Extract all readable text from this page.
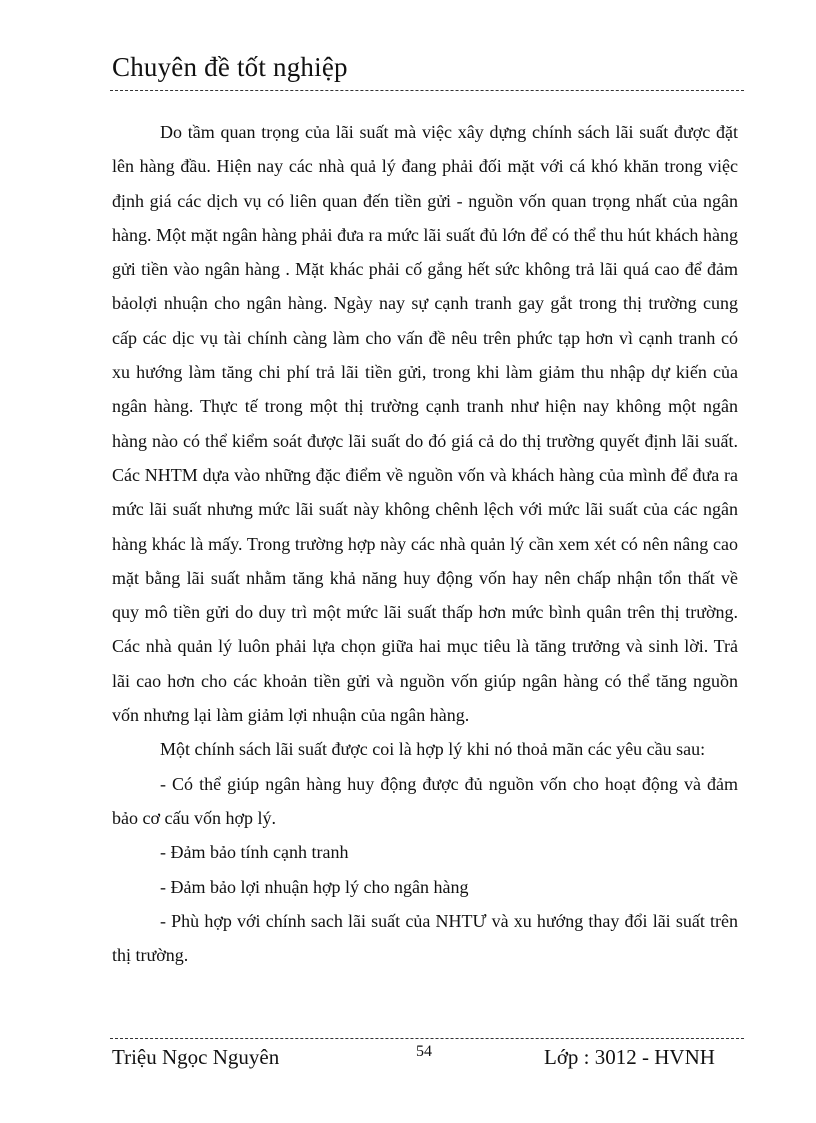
Chuyên đề tốt nghiệp

Do tầm quan trọng của lãi suất mà việc xây dựng chính sách lãi suất được đặt lên hàng đầu. Hiện nay các nhà quả lý đang phải đối mặt với cá khó khăn trong việc định giá các dịch vụ có liên quan đến tiền gửi - nguồn vốn quan trọng nhất của ngân hàng. Một mặt ngân hàng phải đưa ra mức lãi suất đủ lớn để có thể thu hút khách hàng gửi tiền vào ngân hàng . Mặt khác phải cố gắng hết sức không trả lãi quá cao để đảm bảolợi nhuận cho ngân hàng. Ngày nay sự cạnh tranh gay gắt trong thị trường cung cấp các dịc vụ tài chính càng làm cho vấn đề nêu trên phức tạp hơn vì cạnh tranh có xu hướng làm tăng chi phí trả lãi tiền gửi, trong khi làm giảm thu nhập dự kiến của ngân hàng. Thực tế trong một thị trường cạnh tranh như hiện nay không một ngân hàng nào có thể kiểm soát được lãi suất do đó giá cả do thị trường quyết định lãi suất. Các NHTM dựa vào những đặc điểm về nguồn vốn và khách hàng của mình để đưa ra mức lãi suất nhưng mức lãi suất này không chênh lệch với mức lãi suất của các ngân hàng khác là mấy. Trong trường hợp này các nhà quản lý cần xem xét có nên nâng cao mặt bằng lãi suất nhằm tăng khả năng huy động vốn hay nên chấp nhận tổn thất về quy mô tiền gửi do duy trì một mức lãi suất thấp hơn mức bình quân trên thị trường. Các nhà quản lý luôn phải lựa chọn giữa hai mục tiêu là tăng trưởng và sinh lời. Trả lãi cao hơn cho các khoản tiền gửi và nguồn vốn giúp ngân hàng có thể tăng nguồn vốn nhưng lại làm giảm lợi nhuận của ngân hàng.

Một chính sách lãi suất được coi là hợp lý khi nó thoả mãn các yêu cầu sau:

- Có thể giúp ngân hàng huy động được đủ nguồn vốn cho hoạt động và đảm bảo cơ cấu vốn hợp lý.

- Đảm bảo tính cạnh tranh

- Đảm bảo lợi nhuận hợp lý cho ngân hàng

- Phù hợp với chính sach lãi suất của NHTƯ và xu hướng thay đổi lãi suất trên thị trường.

Triệu Ngọc Nguyên	54	Lớp : 3012 - HVNH
